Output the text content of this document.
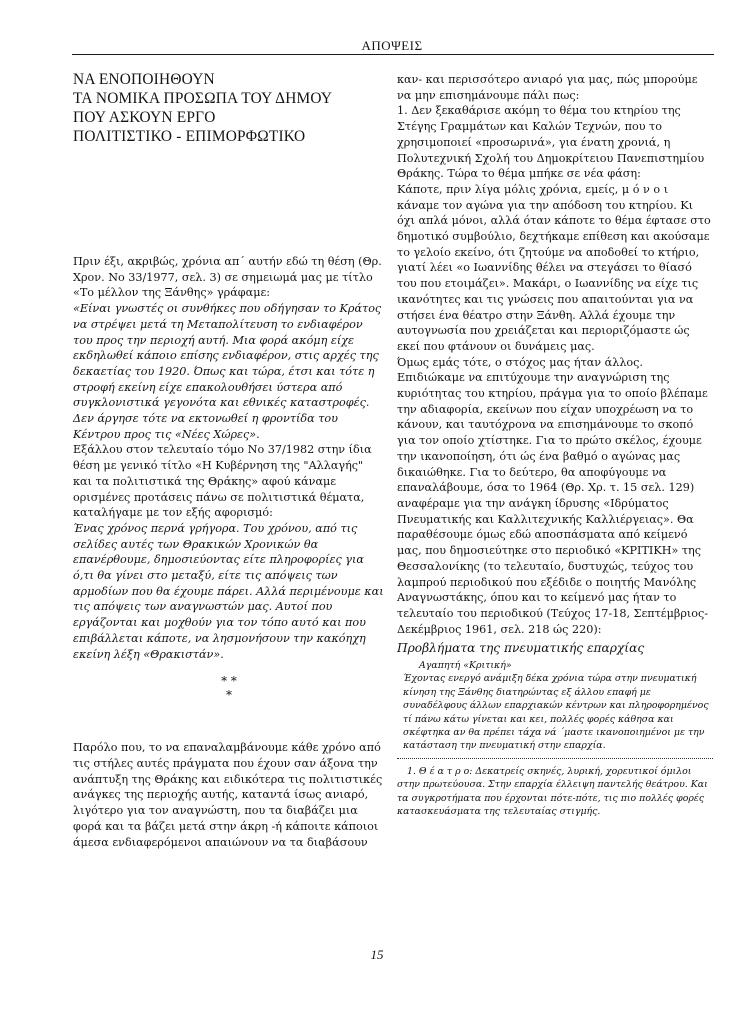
ΑΠΟΨΕΙΣ
ΝΑ ΕΝΟΠΟΙΗΘΟΥΝ
ΤΑ ΝΟΜΙΚΑ ΠΡΟΣΩΠΑ ΤΟΥ ΔΗΜΟΥ
ΠΟΥ ΑΣΚΟΥΝ ΕΡΓΟ
ΠΟΛΙΤΙΣΤΙΚΟ - ΕΠΙΜΟΡΦΩΤΙΚΟ

Πριν έξι, ακριβώς, χρόνια απ΄ αυτήν εδώ τη θέση (Θρ. Χρον. Νο 33/1977, σελ. 3) σε σημειωμά μας με τίτλο «Το μέλλον της Ξάνθης» γράφαμε:

«Είναι γνωστές οι συνθήκες που οδήγησαν το Κράτος να στρέψει μετά τη Μεταπολίτευση το ενδιαφέρον του προς την περιοχή αυτή. Μια φορά ακόμη είχε εκδηλωθεί κάποιο επίσης ενδιαφέρον, στις αρχές της δεκαετίας του 1920. Όπως και τώρα, έτσι και τότε η στροφή εκείνη είχε επακολουθήσει ύστερα από συγκλονιστικά γεγονότα και εθνικές καταστροφές. Δεν άργησε τότε να εκτονωθεί η φροντίδα του Κέντρου προς τις «Νέες Χώρες».

Εξάλλου στον τελευταίο τόμο Νο 37/1982 στην ίδια θέση με γενικό τίτλο «Η Κυβέρνηση της "Αλλαγής" και τα πολιτιστικά της Θράκης» αφού κάναμε ορισμένες προτάσεις πάνω σε πολιτιστικά θέματα, καταλήγαμε με τον εξής αφορισμό:

Ένας χρόνος περνά γρήγορα. Του χρόνου, από τις σελίδες αυτές των Θρακικών Χρονικών θα επανέρθουμε, δημοσιεύοντας είτε πληροφορίες για ό,τι θα γίνει στο μεταξύ, είτε τις απόψεις των αρμοδίων που θα έχουμε πάρει. Αλλά περιμένουμε και τις απόψεις των αναγνωστών μας. Αυτοί που εργάζονται και μοχθούν για τον τόπο αυτό και που επιβάλλεται κάποτε, να λησμονήσουν την κακόηχη εκείνη λέξη «Θρακιστάν».

* *
*

Παρόλο που, το να επαναλαμβάνουμε κάθε χρόνο από τις στήλες αυτές πράγματα που έχουν σαν άξονα την ανάπτυξη της Θράκης και ειδικότερα τις πολιτιστικές ανάγκες της περιοχής αυτής, καταντά ίσως ανιαρό, λιγότερο για τον αναγνώστη, που τα διαβάζει μια φορά και τα βάζει μετά στην άκρη -ή κάποιτε κάποιοι άμεσα ενδιαφερόμενοι απαιώνουν να τα διαβάσουν

καν- και περισσότερο ανιαρό για μας, πώς μπορούμε να μην επισημάνουμε πάλι πως:

1. Δεν ξεκαθάρισε ακόμη το θέμα του κτηρίου της Στέγης Γραμμάτων και Καλών Τεχνών, που το χρησιμοποιεί «προσωρινά», για ένατη χρονιά, η Πολυτεχνική Σχολή του Δημοκρίτειου Πανεπιστημίου Θράκης. Τώρα το θέμα μπήκε σε νέα φάση:

Κάποτε, πριν λίγα μόλις χρόνια, εμείς, μ ό ν ο ι κάναμε τον αγώνα για την απόδοση του κτηρίου. Κι όχι απλά μόνοι, αλλά όταν κάποτε το θέμα έφτασε στο δημοτικό συμβούλιο, δεχτήκαμε επίθεση και ακούσαμε το γελοίο εκείνο, ότι ζητούμε να αποδοθεί το κτήριο, γιατί λέει «ο Ιωαννίδης θέλει να στεγάσει το θίασό του που ετοιμάζει». Μακάρι, ο Ιωαννίδης να είχε τις ικανότητες και τις γνώσεις που απαιτούνται για να στήσει ένα θέατρο στην Ξάνθη. Αλλά έχουμε την αυτογνωσία που χρειάζεται και περιοριζόμαστε ώς εκεί που φτάνουν οι δυνάμεις μας.

Όμως εμάς τότε, ο στόχος μας ήταν άλλος. Επιδιώκαμε να επιτύχουμε την αναγνώριση της κυριότητας του κτηρίου, πράγμα για το οποίο βλέπαμε την αδιαφορία, εκείνων που είχαν υποχρέωση να το κάνουν, και ταυτόχρονα να επισημάνουμε το σκοπό για τον οποίο χτίστηκε. Για το πρώτο σκέλος, έχουμε την ικανοποίηση, ότι ώς ένα βαθμό ο αγώνας μας δικαιώθηκε. Για το δεύτερο, θα αποφύγουμε να επαναλάβουμε, όσα το 1964 (Θρ. Χρ. τ. 15 σελ. 129) αναφέραμε για την ανάγκη ίδρυσης «Ιδρύματος Πνευματικής και Καλλιτεχνικής Καλλιέργειας». Θα παραθέσουμε όμως εδώ αποσπάσματα από κείμενό μας, που δημοσιεύτηκε στο περιοδικό «ΚΡΙΤΙΚΗ» της Θεσσαλονίκης (το τελευταίο, δυστυχώς, τεύχος του λαμπρού περιοδικού που εξέδιδε ο ποιητής Μανόλης Αναγνωστάκης, όπου και το κείμενό μας ήταν το τελευταίο του περιοδικού (Τεύχος 17-18, Σεπτέμβριος-Δεκέμβριος 1961, σελ. 218 ώς 220):

Προβλήματα της πνευματικής επαρχίας
Αγαπητή «Κριτική»
Έχοντας ενεργό ανάμιξη δέκα χρόνια τώρα στην πνευματική κίνηση της Ξάνθης διατηρώντας εξ άλλου επαφή με συναδέλφους άλλων επαρχιακών κέντρων και πληροφορημένος τί πάνω κάτω γίνεται και κει, πολλές φορές κάθησα και σκέφτηκα αν θα πρέπει τάχα νά ΄μαστε ικανοποιημένοι με την κατάσταση την πνευματική στην επαρχία.
1. Θ έ α τ ρ ο: Δεκατρείς σκηνές, λυρική, χορευτικοί όμιλοι στην πρωτεύουσα. Στην επαρχία έλλειψη παντελής θεάτρου. Και τα συγκροτήματα που έρχονται πότε-πότε, τις πιο πολλές φορές κατασκευάσματα της τελευταίας στιγμής.
15
